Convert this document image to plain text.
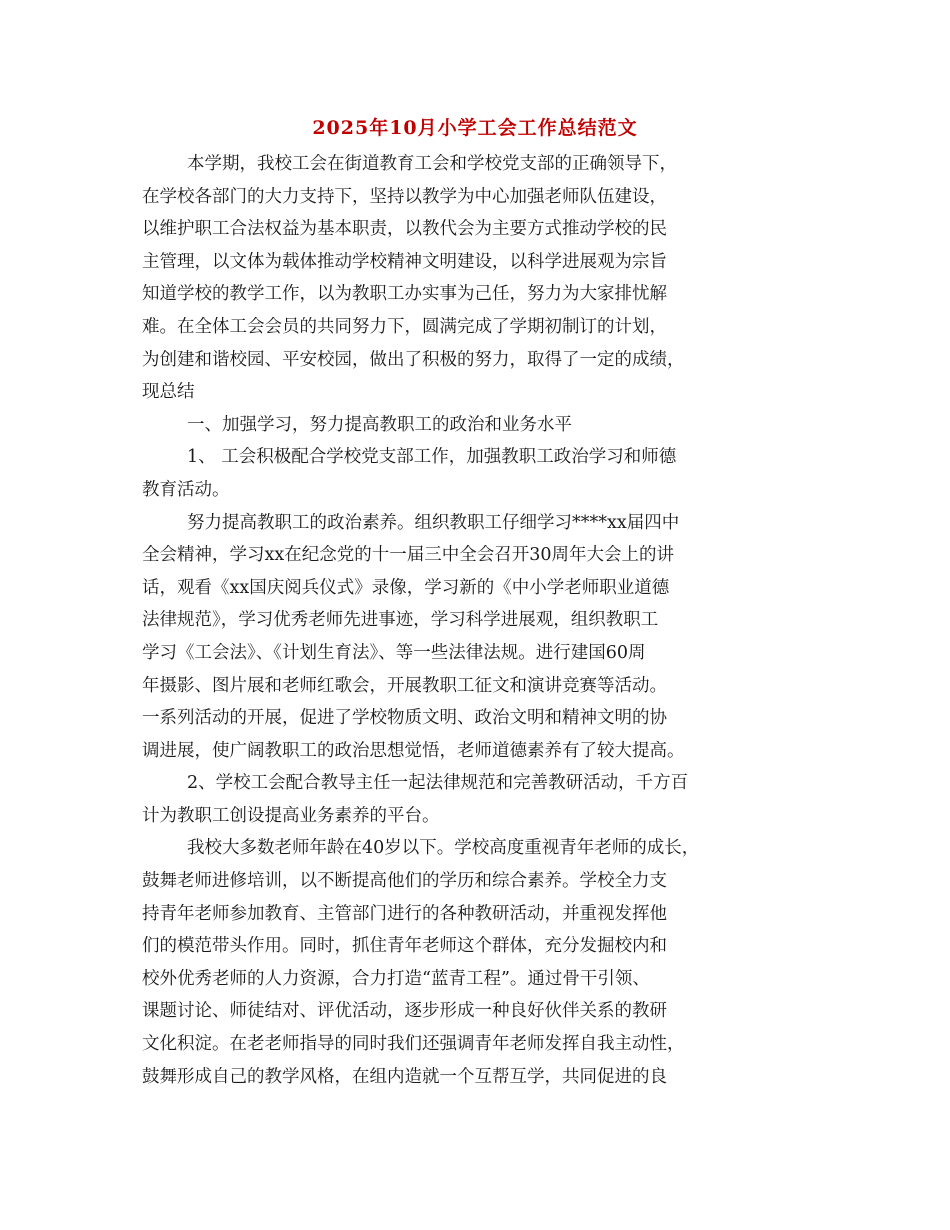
2025年10月小学工会工作总结范文
本学期，我校工会在街道教育工会和学校党支部的正确领导下，
在学校各部门的大力支持下，坚持以教学为中心加强老师队伍建设，
以维护职工合法权益为基本职责，以教代会为主要方式推动学校的民
主管理，以文体为载体推动学校精神文明建设，以科学进展观为宗旨
知道学校的教学工作，以为教职工办实事为己任，努力为大家排忧解
难。在全体工会会员的共同努力下，圆满完成了学期初制订的计划，
为创建和谐校园、平安校园，做出了积极的努力，取得了一定的成绩，
现总结
一、加强学习，努力提高教职工的政治和业务水平
1、 工会积极配合学校党支部工作，加强教职工政治学习和师德
教育活动。
努力提高教职工的政治素养。组织教职工仔细学习****xx届四中
全会精神，学习xx在纪念党的十一届三中全会召开30周年大会上的讲
话，观看《xx国庆阅兵仪式》录像，学习新的《中小学老师职业道德
法律规范》，学习优秀老师先进事迹，学习科学进展观，组织教职工
学习《工会法》、《计划生育法》、等一些法律法规。进行建国60周
年摄影、图片展和老师红歌会，开展教职工征文和演讲竞赛等活动。
一系列活动的开展，促进了学校物质文明、政治文明和精神文明的协
调进展，使广阔教职工的政治思想觉悟，老师道德素养有了较大提高。
2、学校工会配合教导主任一起法律规范和完善教研活动，千方百
计为教职工创设提高业务素养的平台。
我校大多数老师年龄在40岁以下。学校高度重视青年老师的成长，
鼓舞老师进修培训，以不断提高他们的学历和综合素养。学校全力支
持青年老师参加教育、主管部门进行的各种教研活动，并重视发挥他
们的模范带头作用。同时，抓住青年老师这个群体，充分发掘校内和
校外优秀老师的人力资源，合力打造“蓝青工程”。通过骨干引领、
课题讨论、师徒结对、评优活动，逐步形成一种良好伙伴关系的教研
文化积淀。在老老师指导的同时我们还强调青年老师发挥自我主动性，
鼓舞形成自己的教学风格，在组内造就一个互帮互学，共同促进的良
